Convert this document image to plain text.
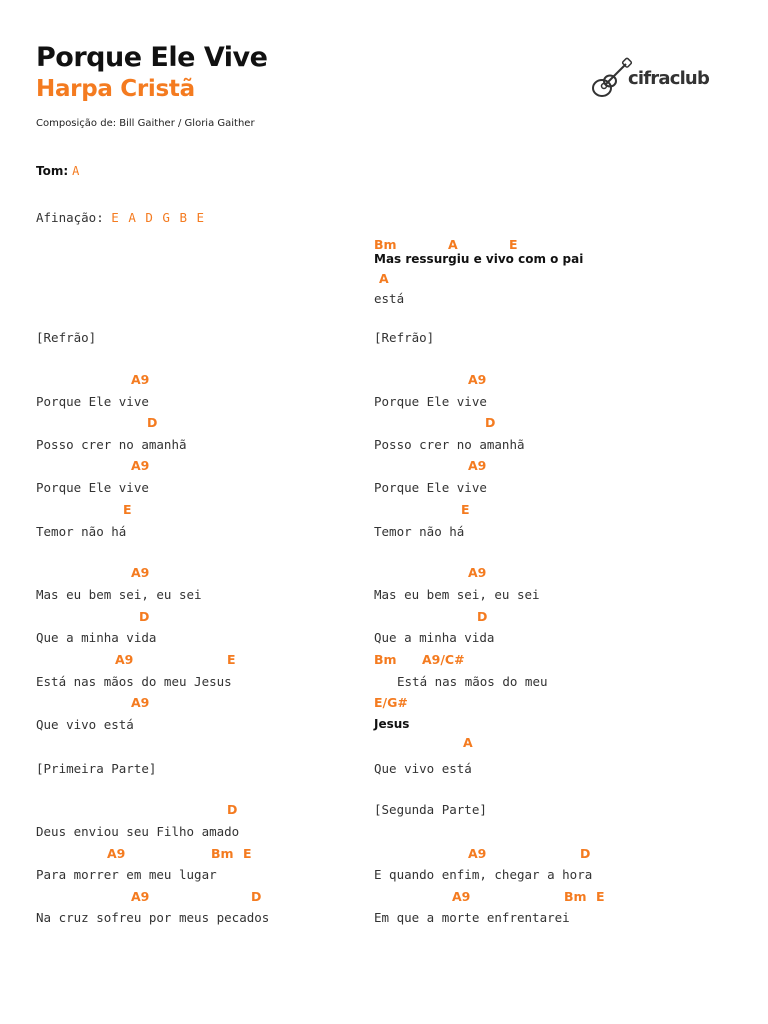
Porque Ele Vive
Harpa Cristã
Composição de: Bill Gaither / Gloria Gaither
cifraclub
Tom: A
Afinação: E A D G B E
[Refrão]
A9
Porque Ele vive
D
Posso crer no amanhã
A9
Porque Ele vive
E
Temor não há
A9
Mas eu bem sei, eu sei
D
Que a minha vida
A9	E
Está nas mãos do meu Jesus
A9
Que vivo está
[Primeira Parte]
D
Deus enviou seu Filho amado
A9	Bm E
Para morrer em meu lugar
A9	D
Na cruz sofreu por meus pecados
Bm	A	E
Mas ressurgiu e vivo com o pai
A
está
[Refrão]
A9
Porque Ele vive
D
Posso crer no amanhã
A9
Porque Ele vive
E
Temor não há
A9
Mas eu bem sei, eu sei
D
Que a minha vida
Bm A9/C#
Está nas mãos do meu
E/G#
Jesus
A
Que vivo está
[Segunda Parte]
A9	D
E quando enfim, chegar a hora
A9	Bm E
Em que a morte enfrentarei
